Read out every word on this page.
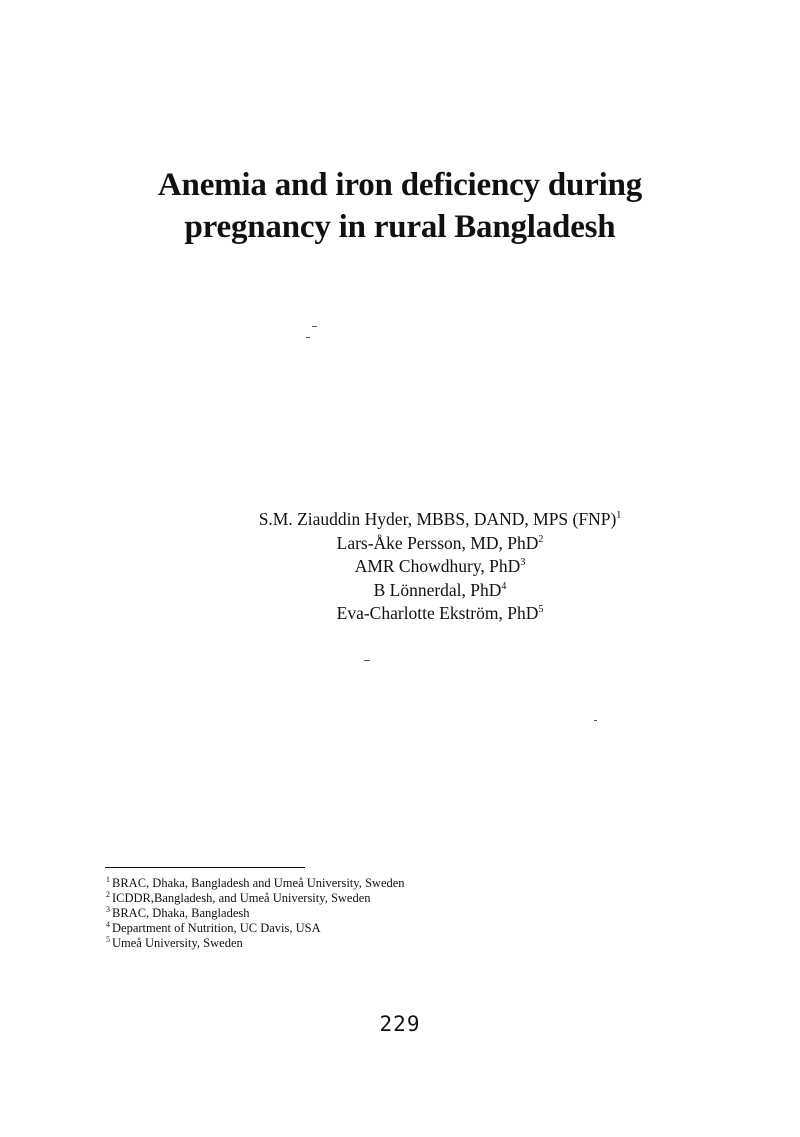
Anemia and iron deficiency during
pregnancy in rural Bangladesh
S.M. Ziauddin Hyder, MBBS, DAND, MPS (FNP)$^1$
Lars-Åke Persson, MD, PhD$^2$
AMR Chowdhury, PhD$^3$
B Lönnerdal, PhD$^4$
Eva-Charlotte Ekström, PhD$^5$
$^1$ BRAC, Dhaka, Bangladesh and Umeå University, Sweden
$^2$ ICDDR,Bangladesh, and Umeå University, Sweden
$^3$ BRAC, Dhaka, Bangladesh
$^4$ Department of Nutrition, UC Davis, USA
$^5$ Umeå University, Sweden
229
